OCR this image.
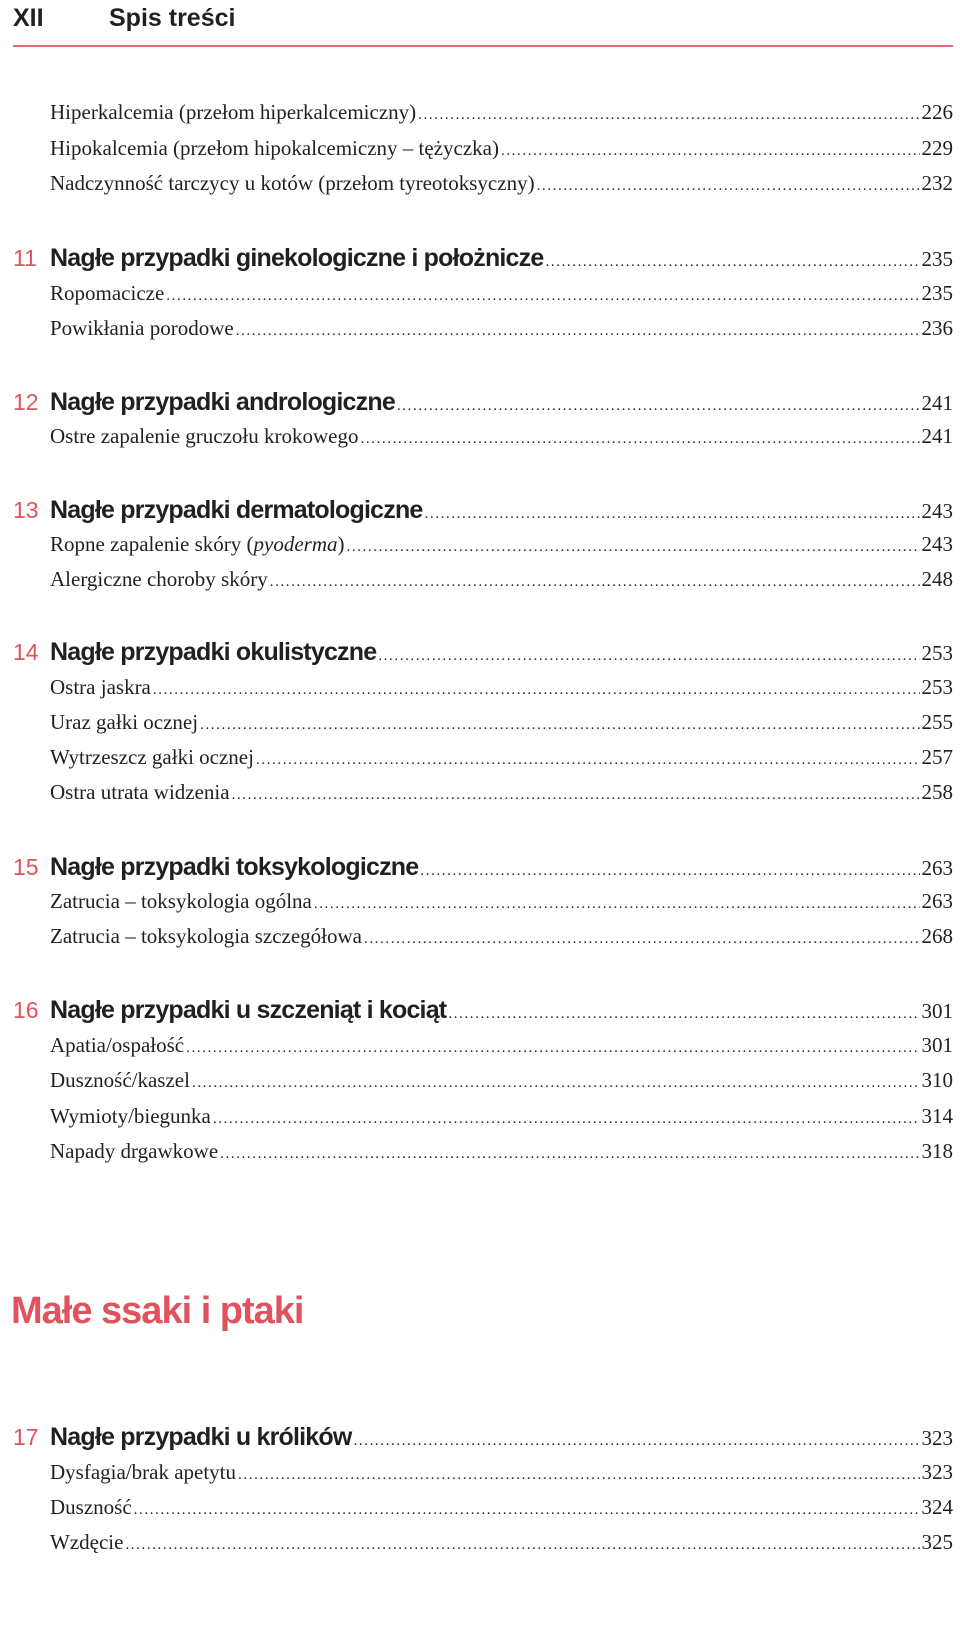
XII	Spis treści
Hiperkalcemia (przełom hiperkalcemiczny) .....	226
Hipokalcemia (przełom hipokalcemiczny – tężyczka) .....	229
Nadczynność tarczycy u kotów (przełom tyreotoksyczny) .....	232
11 Nagłe przypadki ginekologiczne i położnicze .....	235
Ropomacicze .....	235
Powikłania porodowe .....	236
12 Nagłe przypadki andrologiczne .....	241
Ostre zapalenie gruczołu krokowego .....	241
13 Nagłe przypadki dermatologiczne .....	243
Ropne zapalenie skóry (pyoderma) .....	243
Alergiczne choroby skóry .....	248
14 Nagłe przypadki okulistyczne .....	253
Ostra jaskra .....	253
Uraz gałki ocznej .....	255
Wytrzeszcz gałki ocznej .....	257
Ostra utrata widzenia .....	258
15 Nagłe przypadki toksykologiczne .....	263
Zatrucia – toksykologia ogólna .....	263
Zatrucia – toksykologia szczegółowa .....	268
16 Nagłe przypadki u szczeniąt i kociąt .....	301
Apatia/ospałość .....	301
Duszność/kaszel .....	310
Wymioty/biegunka .....	314
Napady drgawkowe .....	318
17 Nagłe przypadki u królików .....	323
Dysfagia/brak apetytu .....	323
Duszność .....	324
Wzdęcie .....	325
Małe ssaki i ptaki
